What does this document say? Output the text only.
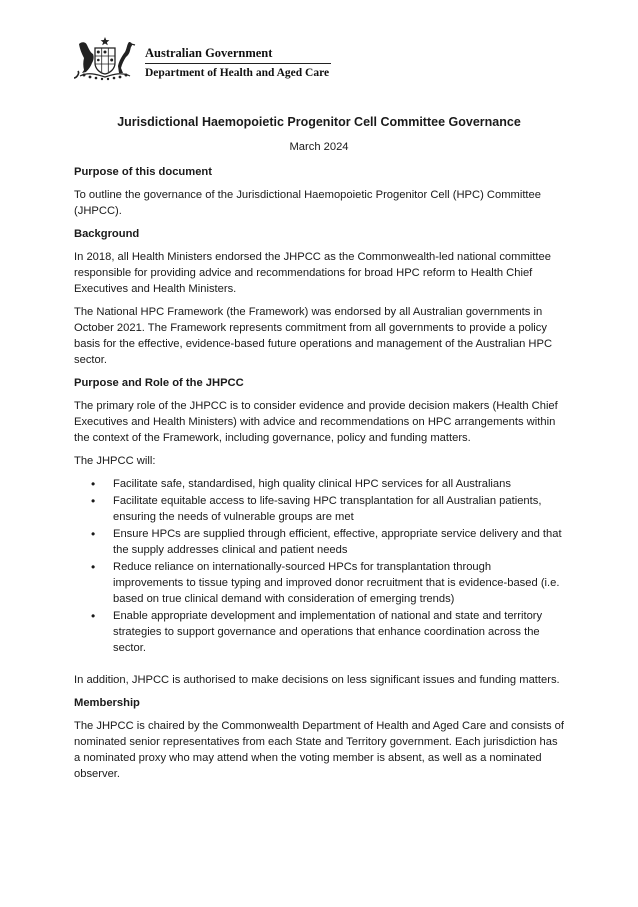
Australian Government
Department of Health and Aged Care
Jurisdictional Haemopoietic Progenitor Cell Committee Governance
March 2024
Purpose of this document

To outline the governance of the Jurisdictional Haemopoietic Progenitor Cell (HPC) Committee (JHPCC).

Background

In 2018, all Health Ministers endorsed the JHPCC as the Commonwealth-led national committee responsible for providing advice and recommendations for broad HPC reform to Health Chief Executives and Health Ministers.

The National HPC Framework (the Framework) was endorsed by all Australian governments in October 2021. The Framework represents commitment from all governments to provide a policy basis for the effective, evidence-based future operations and management of the Australian HPC sector.

Purpose and Role of the JHPCC

The primary role of the JHPCC is to consider evidence and provide decision makers (Health Chief Executives and Health Ministers) with advice and recommendations on HPC arrangements within the context of the Framework, including governance, policy and funding matters.

The JHPCC will:

• Facilitate safe, standardised, high quality clinical HPC services for all Australians
• Facilitate equitable access to life-saving HPC transplantation for all Australian patients, ensuring the needs of vulnerable groups are met
• Ensure HPCs are supplied through efficient, effective, appropriate service delivery and that the supply addresses clinical and patient needs
• Reduce reliance on internationally-sourced HPCs for transplantation through improvements to tissue typing and improved donor recruitment that is evidence-based (i.e. based on true clinical demand with consideration of emerging trends)
• Enable appropriate development and implementation of national and state and territory strategies to support governance and operations that enhance coordination across the sector.

In addition, JHPCC is authorised to make decisions on less significant issues and funding matters.

Membership

The JHPCC is chaired by the Commonwealth Department of Health and Aged Care and consists of nominated senior representatives from each State and Territory government. Each jurisdiction has a nominated proxy who may attend when the voting member is absent, as well as a nominated observer.
